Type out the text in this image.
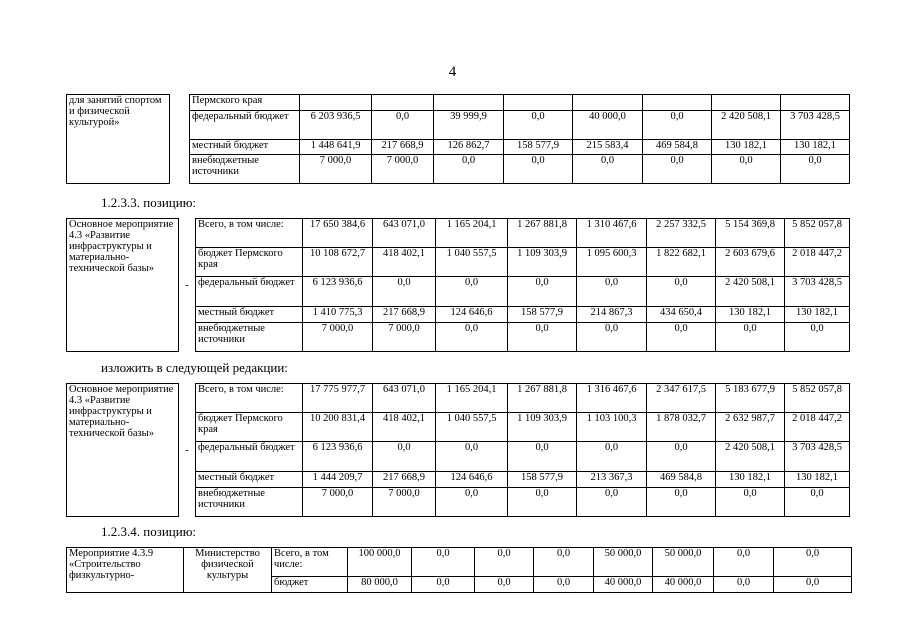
4
для занятий спортом и физической культурой»		Пермского края								
		федеральный бюджет	6 203 936,5	0,0	39 999,9	0,0	40 000,0	0,0	2 420 508,1	3 703 428,5
		местный бюджет	1 448 641,9	217 668,9	126 862,7	158 577,9	215 583,4	469 584,8	130 182,1	130 182,1
		внебюджетные источники	7 000,0	7 000,0	0,0	0,0	0,0	0,0	0,0	0,0
1.2.3.3. позицию:
Основное мероприятие 4.3 «Развитие инфраструктуры и материально-технической базы»	-	Всего, в том числе:	17 650 384,6	643 071,0	1 165 204,1	1 267 881,8	1 310 467,6	2 257 332,5	5 154 369,8	5 852 057,8
		бюджет Пермского края	10 108 672,7	418 402,1	1 040 557,5	1 109 303,9	1 095 600,3	1 822 682,1	2 603 679,6	2 018 447,2
		федеральный бюджет	6 123 936,6	0,0	0,0	0,0	0,0	0,0	2 420 508,1	3 703 428,5
		местный бюджет	1 410 775,3	217 668,9	124 646,6	158 577,9	214 867,3	434 650,4	130 182,1	130 182,1
		внебюджетные источники	7 000,0	7 000,0	0,0	0,0	0,0	0,0	0,0	0,0
изложить в следующей редакции:
Основное мероприятие 4.3 «Развитие инфраструктуры и материально-технической базы»	-	Всего, в том числе:	17 775 977,7	643 071,0	1 165 204,1	1 267 881,8	1 316 467,6	2 347 617,5	5 183 677,9	5 852 057,8
		бюджет Пермского края	10 200 831,4	418 402,1	1 040 557,5	1 109 303,9	1 103 100,3	1 878 032,7	2 632 987,7	2 018 447,2
		федеральный бюджет	6 123 936,6	0,0	0,0	0,0	0,0	0,0	2 420 508,1	3 703 428,5
		местный бюджет	1 444 209,7	217 668,9	124 646,6	158 577,9	213 367,3	469 584,8	130 182,1	130 182,1
		внебюджетные источники	7 000,0	7 000,0	0,0	0,0	0,0	0,0	0,0	0,0
1.2.3.4. позицию:
Мероприятие 4.3.9 «Строительство физкультурно-	Министерство физической культуры	Всего, в том числе:	100 000,0	0,0	0,0	0,0	50 000,0	50 000,0	0,0	0,0
		бюджет	80 000,0	0,0	0,0	0,0	40 000,0	40 000,0	0,0	0,0
